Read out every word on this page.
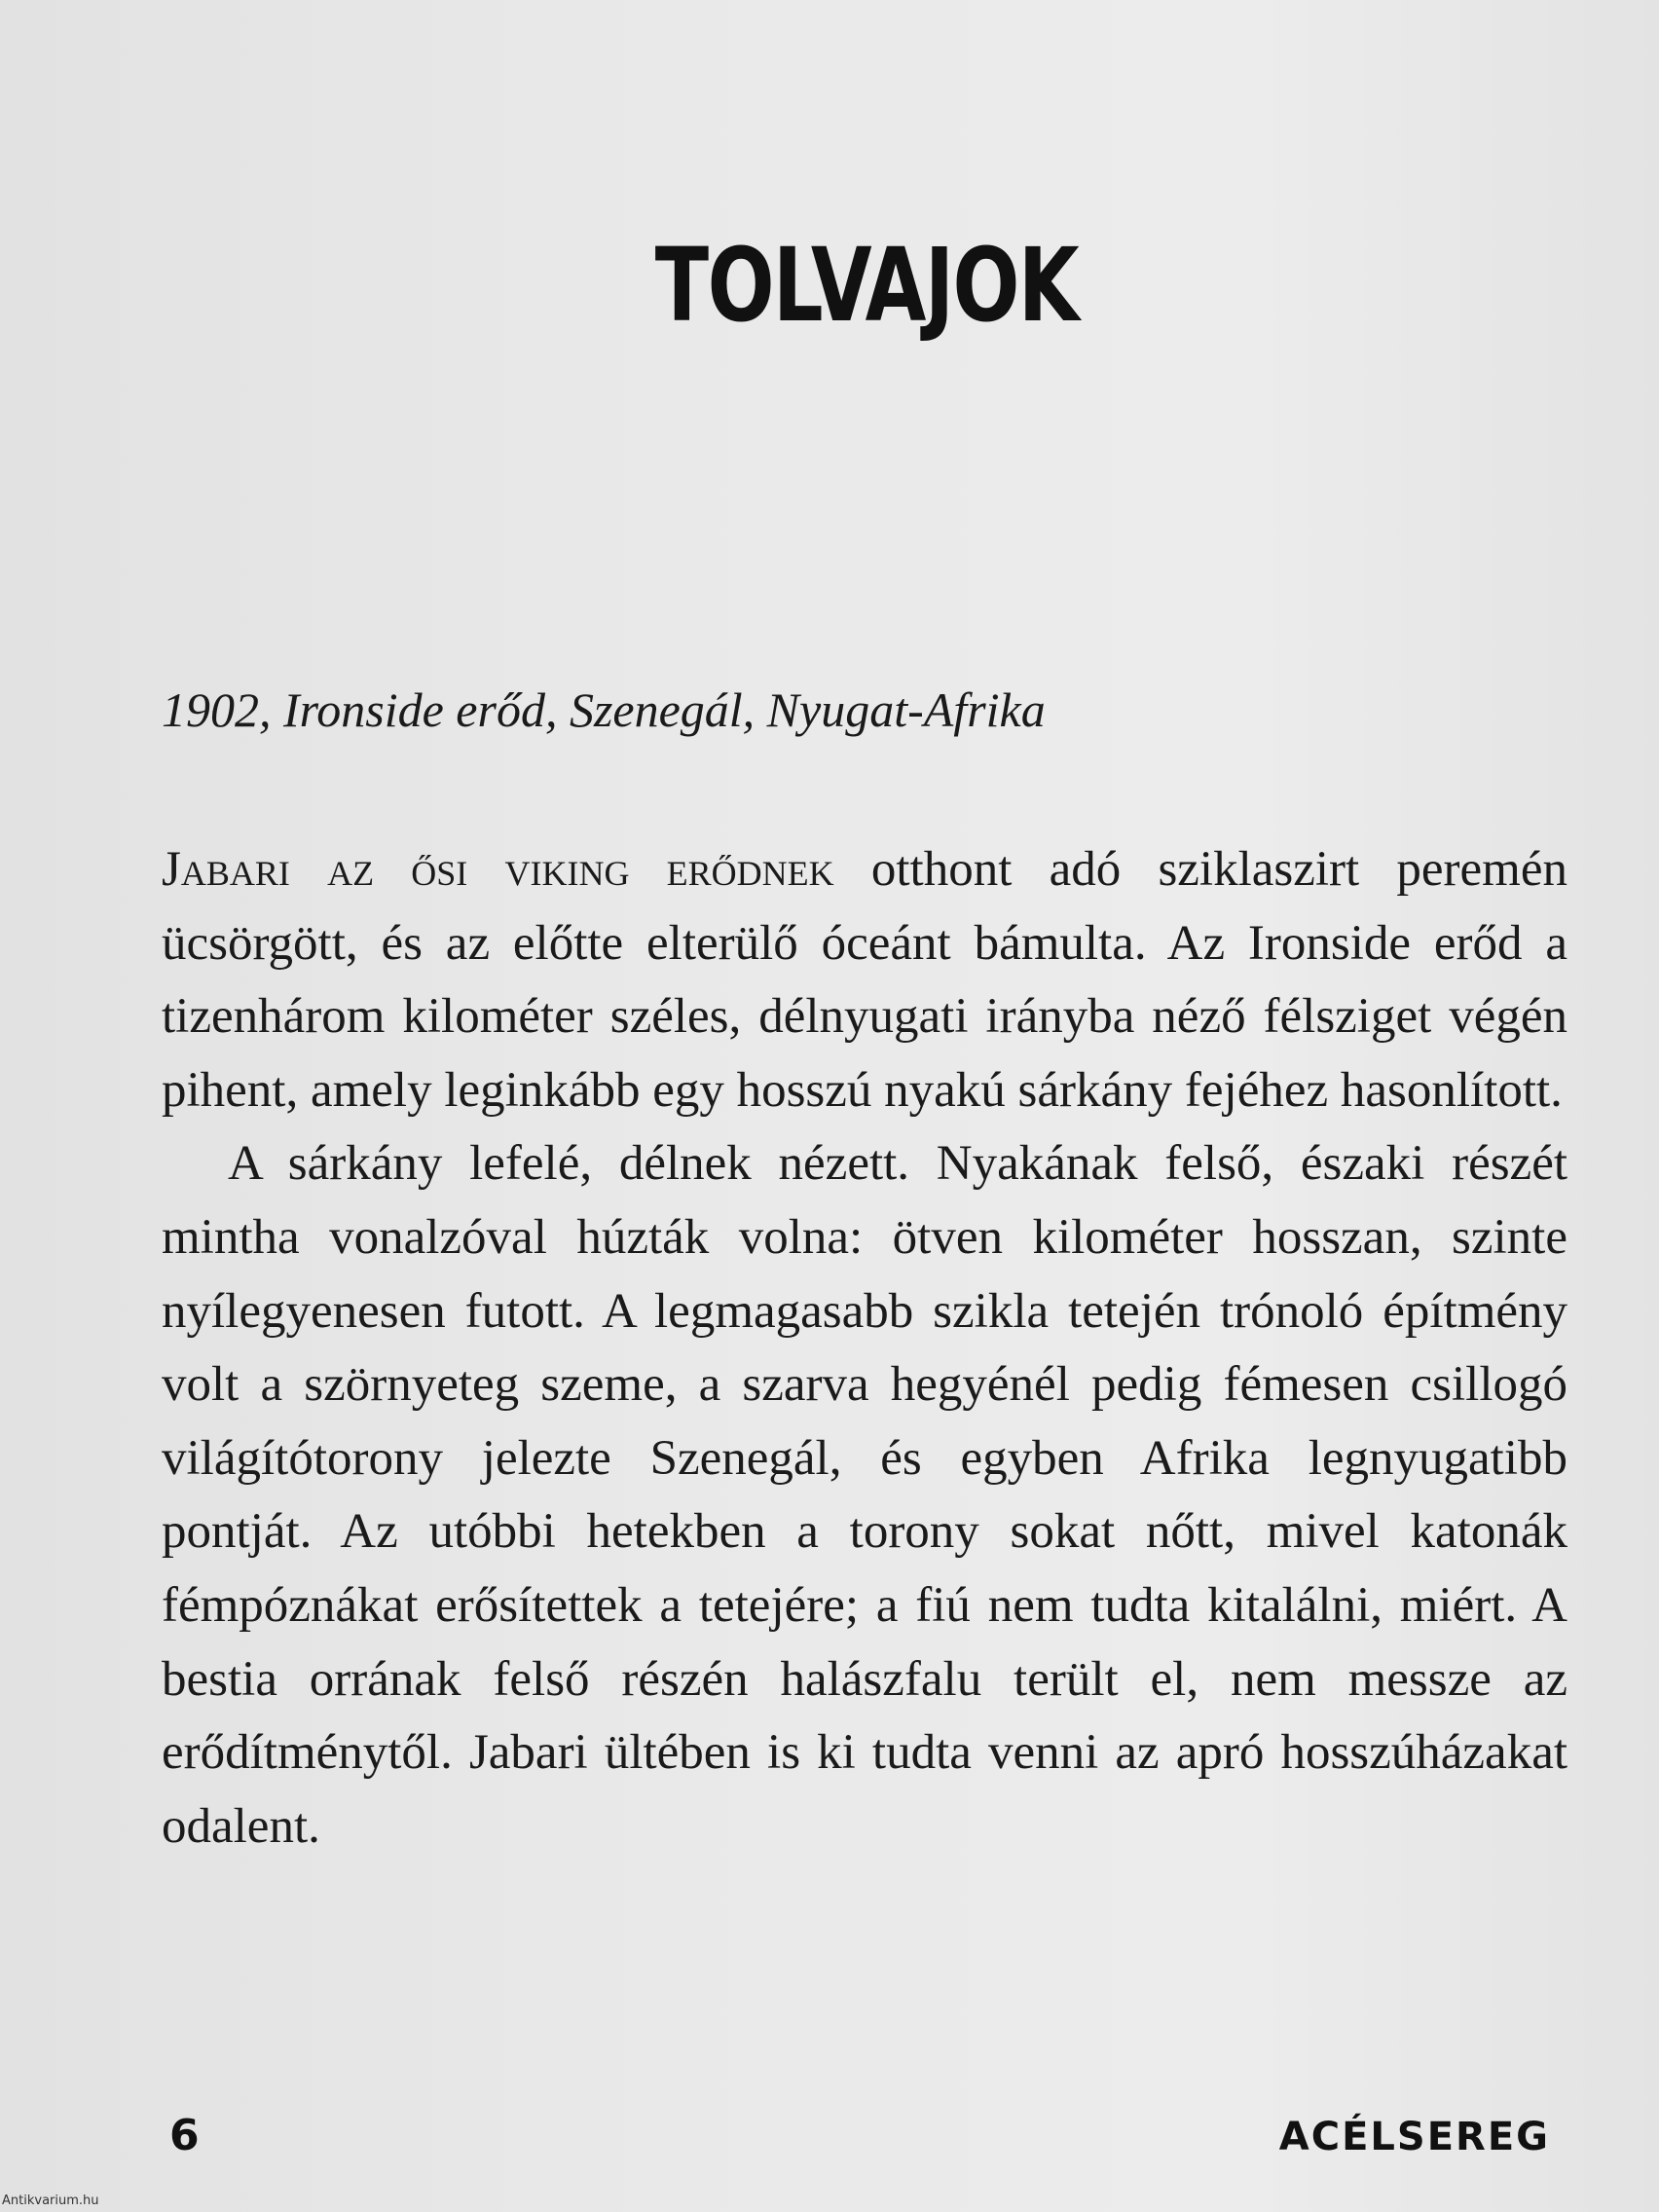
TOLVAJOK
1902, Ironside erőd, Szenegál, Nyugat-Afrika

Jabari az ősi viking erődnek otthont adó sziklaszirt peremén ücsörgött, és az előtte elterülő óceánt bámulta. Az Ironside erőd a tizenhárom kilométer széles, délnyugati irányba néző félsziget végén pihent, amely leginkább egy hosszú nyakú sárkány fejéhez hasonlított.

A sárkány lefelé, délnek nézett. Nyakának felső, északi részét mintha vonalzóval húzták volna: ötven kilométer hosszan, szinte nyílegyenesen futott. A legmagasabb szikla tetején trónoló építmény volt a szörnyeteg szeme, a szarva hegyénél pedig fémesen csillogó világítótorony jelezte Szenegál, és egyben Afrika legnyugatibb pontját. Az utóbbi hetekben a torony sokat nőtt, mivel katonák fémpóznákat erősítettek a tetejére; a fiú nem tudta kitalálni, miért. A bestia orrának felső részén halászfalu terült el, nem messze az erődítménytől. Jabari ültében is ki tudta venni az apró hosszúházakat odalent.

6	ACÉLSEREG
Antikvarium.hu
